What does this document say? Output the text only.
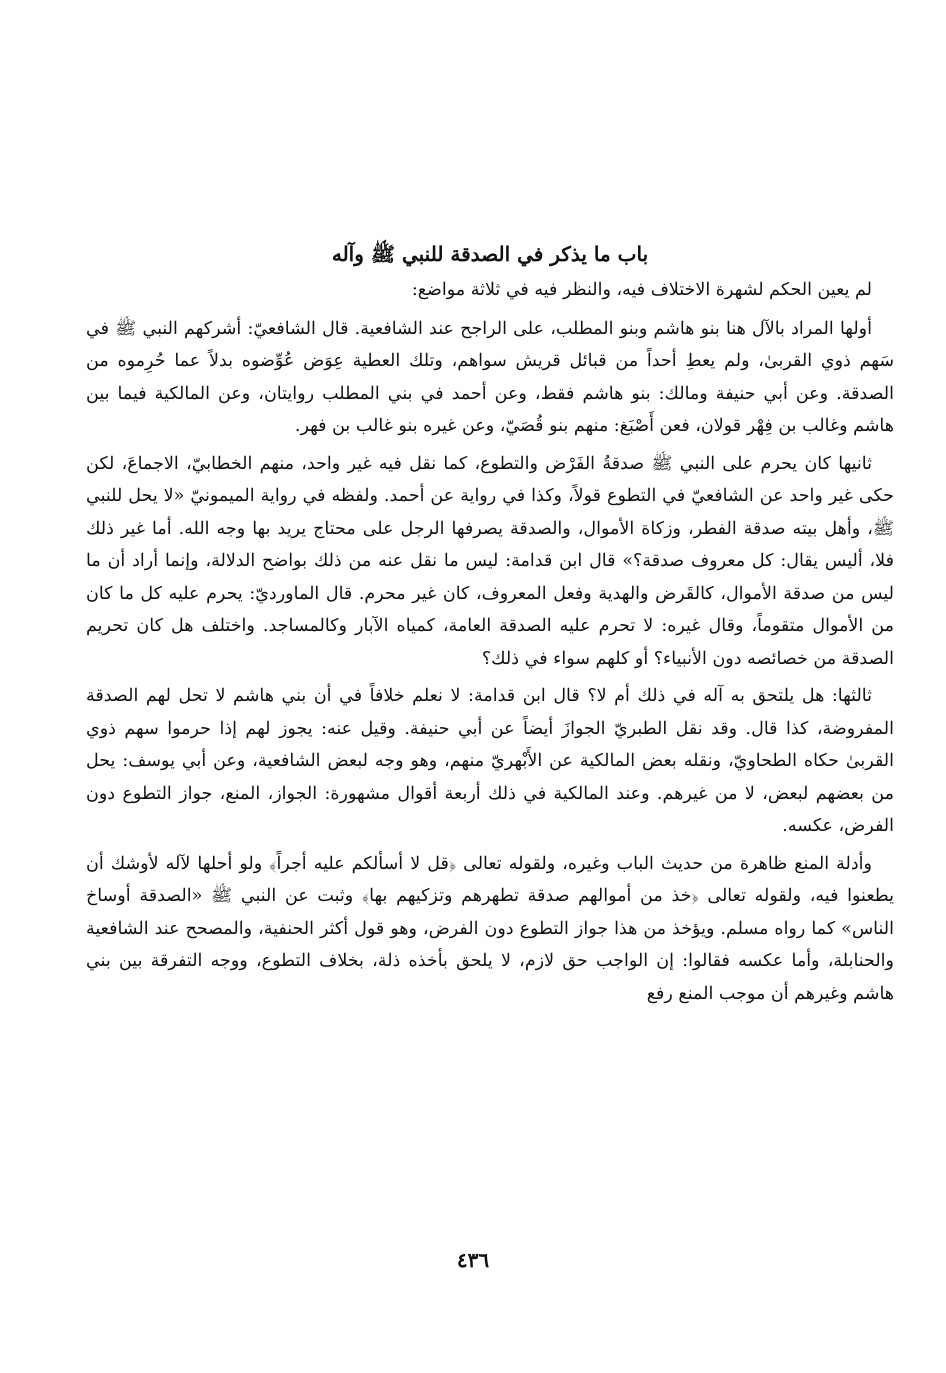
باب ما يذكر في الصدقة للنبي ﷺ وآله

لم يعين الحكم لشهرة الاختلاف فيه، والنظر فيه في ثلاثة مواضع:

أولها المراد بالآل هنا بنو هاشم وبنو المطلب، على الراجح عند الشافعية. قال الشافعيّ: أشركهم النبي ﷺ في سَهم ذوي القربىٰ، ولم يعطِ أحداً من قبائل قريش سواهم، وتلك العطية عِوَض عُوِّضوه بدلاً عما حُرِموه من الصدقة. وعن أبي حنيفة ومالك: بنو هاشم فقط، وعن أحمد في بني المطلب روايتان، وعن المالكية فيما بين هاشم وغالب بن فِهْر قولان، فعن أَصْبَغ: منهم بنو قُصَيّ، وعن غيره بنو غالب بن فهر.

ثانيها كان يحرم على النبي ﷺ صدقةُ الفَرْض والتطوع، كما نقل فيه غير واحد، منهم الخطابيّ، الاجماعَ، لكن حكى غير واحد عن الشافعيّ في التطوع قولاً، وكذا في رواية عن أحمد. ولفظه في رواية الميمونيّ «لا يحل للنبي ﷺ، وأهل بيته صدقة الفطر، وزكاة الأموال، والصدقة يصرفها الرجل على محتاج يريد بها وجه الله. أما غير ذلك فلا، أليس يقال: كل معروف صدقة؟» قال ابن قدامة: ليس ما نقل عنه من ذلك بواضح الدلالة، وإنما أراد أن ما ليس من صدقة الأموال، كالقَرض والهدية وفعل المعروف، كان غير محرم. قال الماورديّ: يحرم عليه كل ما كان من الأموال متقوماً، وقال غيره: لا تحرم عليه الصدقة العامة، كمياه الآبار وكالمساجد. واختلف هل كان تحريم الصدقة من خصائصه دون الأنبياء؟ أو كلهم سواء في ذلك؟

ثالثها: هل يلتحق به آله في ذلك أم لا؟ قال ابن قدامة: لا نعلم خلافاً في أن بني هاشم لا تحل لهم الصدقة المفروضة، كذا قال. وقد نقل الطبريّ الجوازَ أيضاً عن أبي حنيفة. وقيل عنه: يجوز لهم إذا حرموا سهم ذوي القربىٰ حكاه الطحاويّ، ونقله بعض المالكية عن الأَبْهريّ منهم، وهو وجه لبعض الشافعية، وعن أبي يوسف: يحل من بعضهم لبعض، لا من غيرهم. وعند المالكية في ذلك أربعة أقوال مشهورة: الجواز، المنع، جواز التطوع دون الفرض، عكسه.

وأدلة المنع ظاهرة من حديث الباب وغيره، ولقوله تعالى ﴿قل لا أسألكم عليه أجراً﴾ ولو أحلها لآله لأوشك أن يطعنوا فيه، ولقوله تعالى ﴿خذ من أموالهم صدقة تطهرهم وتزكيهم بها﴾ وثبت عن النبي ﷺ «الصدقة أوساخ الناس» كما رواه مسلم. ويؤخذ من هذا جواز التطوع دون الفرض، وهو قول أكثر الحنفية، والمصحح عند الشافعية والحنابلة، وأما عكسه فقالوا: إن الواجب حق لازم، لا يلحق بأخذه ذلة، بخلاف التطوع، ووجه التفرقة بين بني هاشم وغيرهم أن موجب المنع رفع

٤٣٦
